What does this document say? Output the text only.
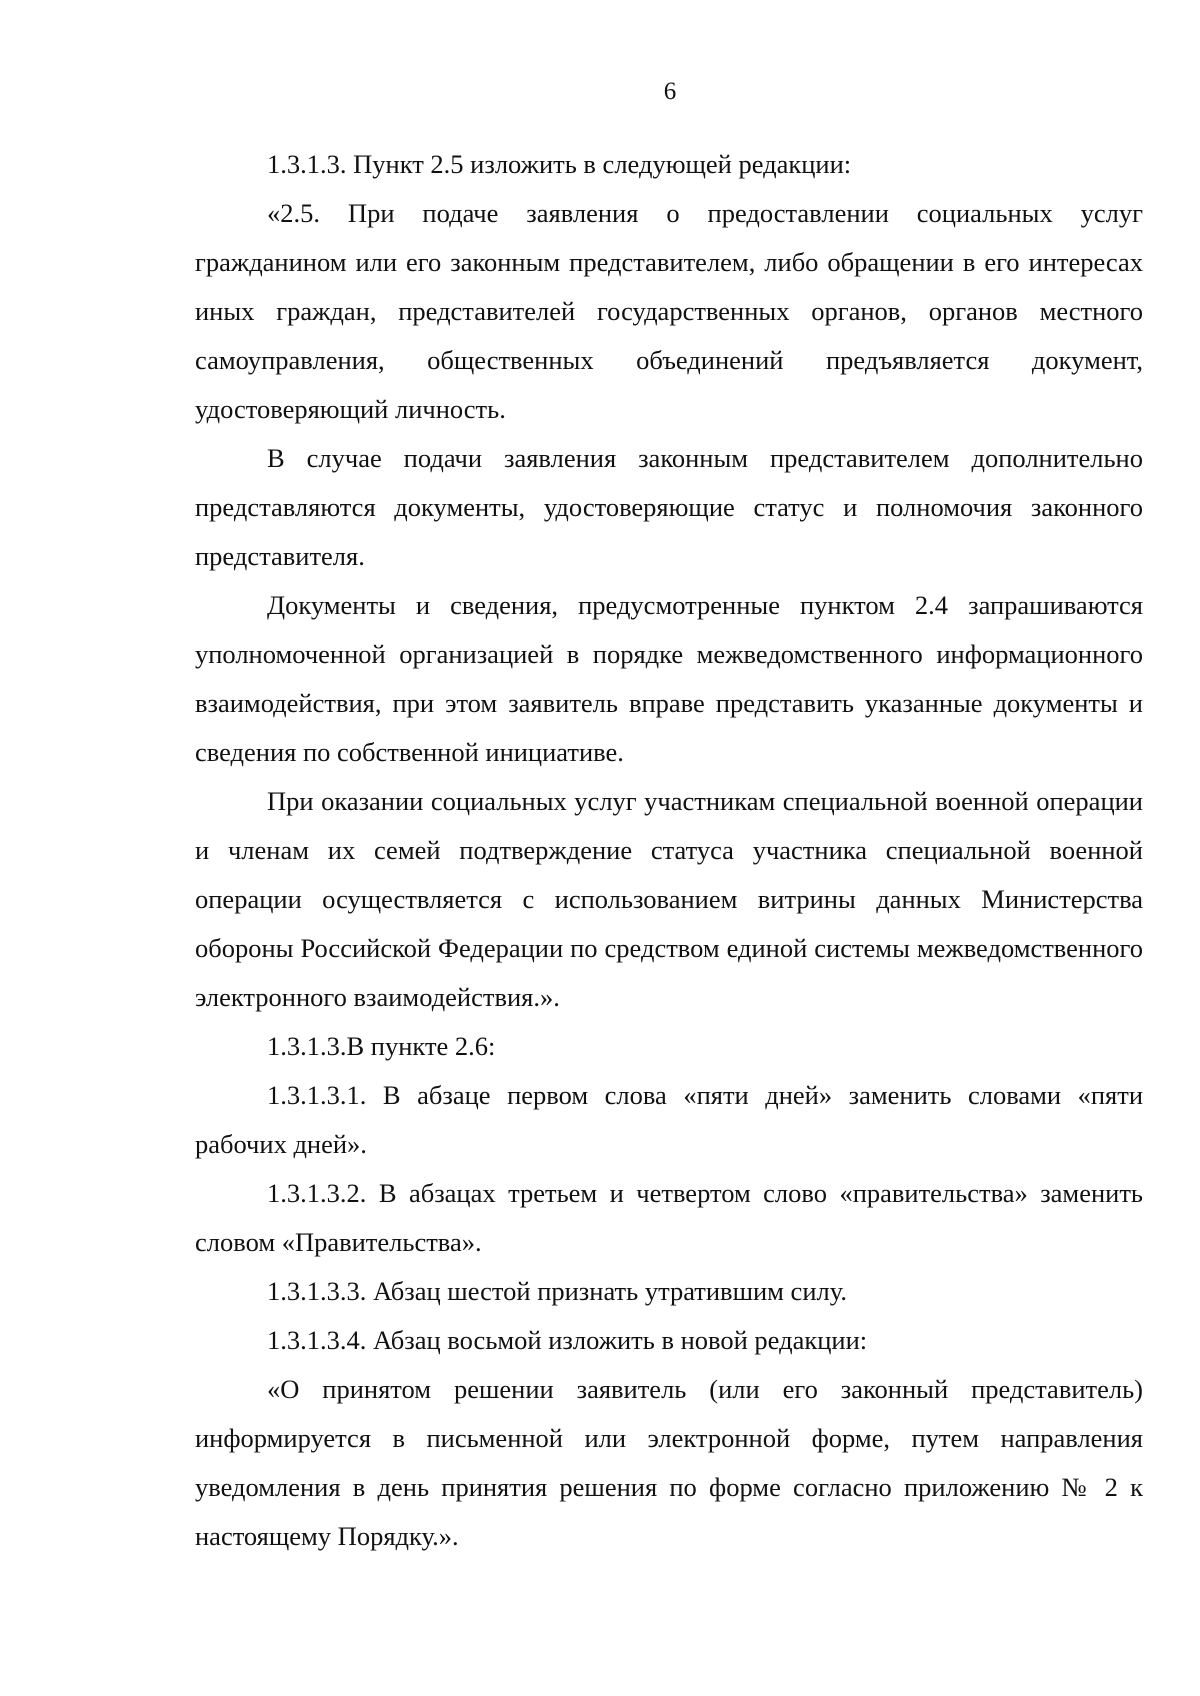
6

1.3.1.3. Пункт 2.5 изложить в следующей редакции:

«2.5. При подаче заявления о предоставлении социальных услуг гражданином или его законным представителем, либо обращении в его интересах иных граждан, представителей государственных органов, органов местного самоуправления, общественных объединений предъявляется документ, удостоверяющий личность.

В случае подачи заявления законным представителем дополнительно представляются документы, удостоверяющие статус и полномочия законного представителя.

Документы и сведения, предусмотренные пунктом 2.4 запрашиваются уполномоченной организацией в порядке межведомственного информационного взаимодействия, при этом заявитель вправе представить указанные документы и сведения по собственной инициативе.

При оказании социальных услуг участникам специальной военной операции и членам их семей подтверждение статуса участника специальной военной операции осуществляется с использованием витрины данных Министерства обороны Российской Федерации по средством единой системы межведомственного электронного взаимодействия.».

1.3.1.3.В пункте 2.6:

1.3.1.3.1. В абзаце первом слова «пяти дней» заменить словами «пяти рабочих дней».

1.3.1.3.2. В абзацах третьем и четвертом слово «правительства» заменить словом «Правительства».

1.3.1.3.3. Абзац шестой признать утратившим силу.

1.3.1.3.4. Абзац восьмой изложить в новой редакции:

«О принятом решении заявитель (или его законный представитель) информируется в письменной или электронной форме, путем направления уведомления в день принятия решения по форме согласно приложению № 2 к настоящему Порядку.».
